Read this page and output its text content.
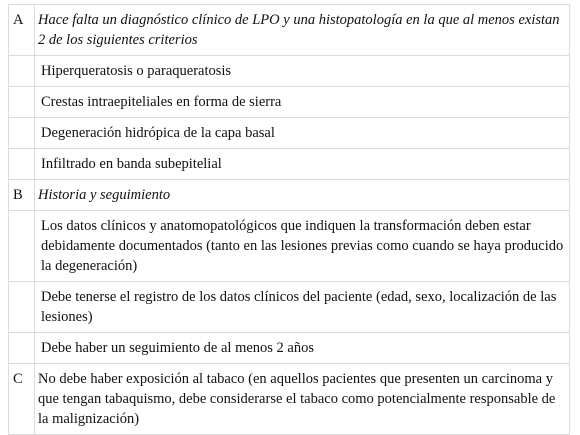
A	Hace falta un diagnóstico clínico de LPO y una histopatología en la que al menos existan 2 de los siguientes criterios

	Hiperqueratosis o paraqueratosis

	Crestas intraepiteliales en forma de sierra

	Degeneración hidrópica de la capa basal

	Infiltrado en banda subepitelial

B	Historia y seguimiento

	Los datos clínicos y anatomopatológicos que indiquen la transformación deben estar debidamente documentados (tanto en las lesiones previas como cuando se haya producido la degeneración)

	Debe tenerse el registro de los datos clínicos del paciente (edad, sexo, localización de las lesiones)

	Debe haber un seguimiento de al menos 2 años

C	No debe haber exposición al tabaco (en aquellos pacientes que presenten un carcinoma y que tengan tabaquismo, debe considerarse el tabaco como potencialmente responsable de la malignización)
